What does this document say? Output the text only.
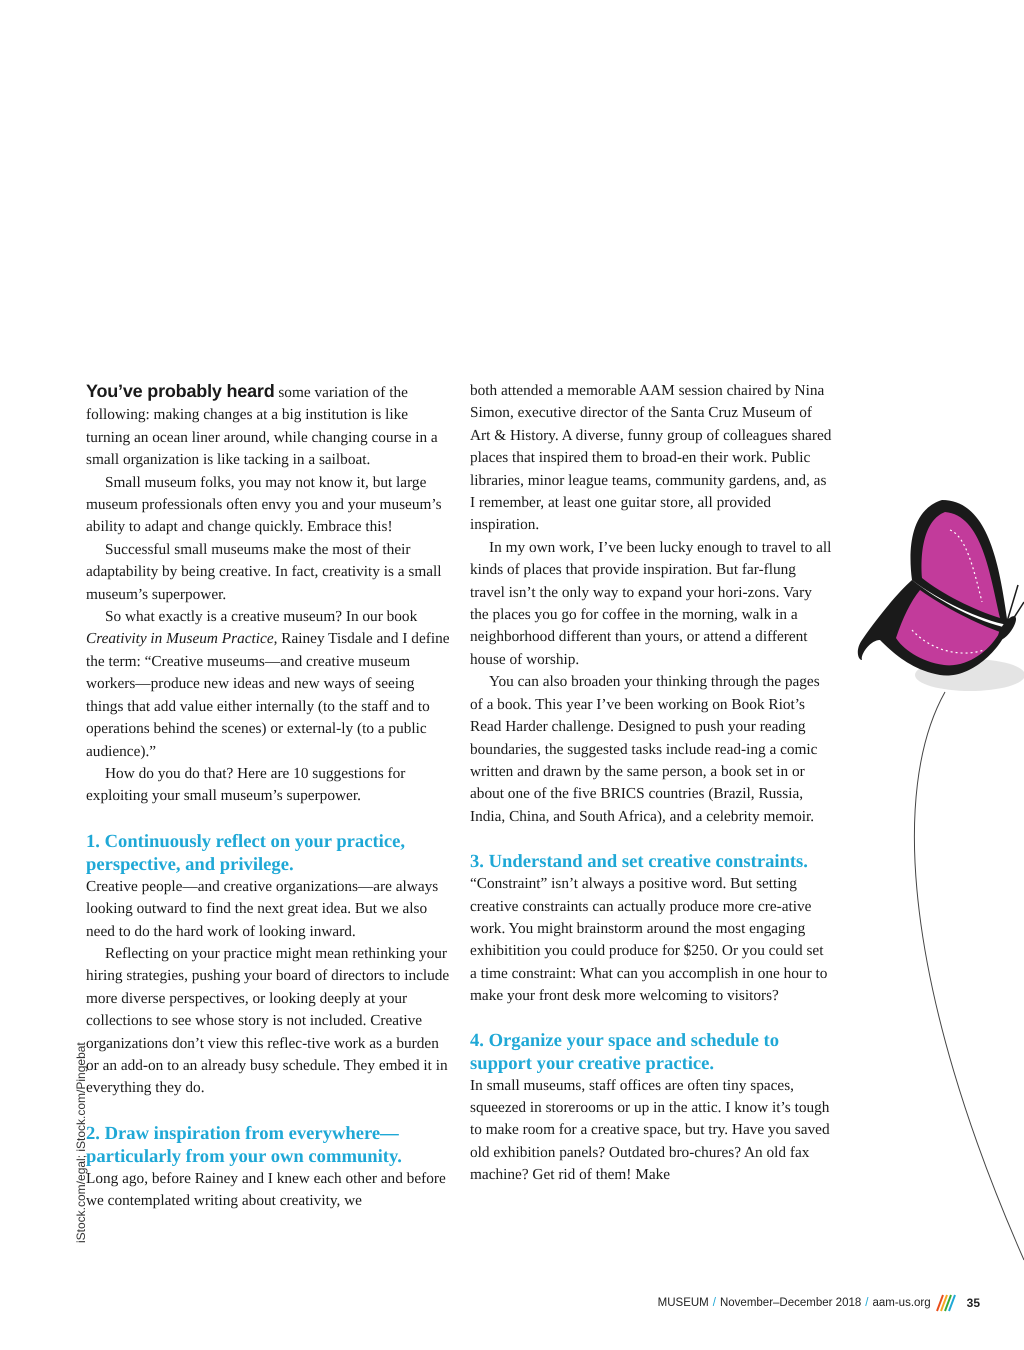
You’ve probably heard some variation of the following: making changes at a big institution is like turning an ocean liner around, while changing course in a small organization is like tacking in a sailboat.

Small museum folks, you may not know it, but large museum professionals often envy you and your museum’s ability to adapt and change quickly. Embrace this!

Successful small museums make the most of their adaptability by being creative. In fact, creativity is a small museum’s superpower.

So what exactly is a creative museum? In our book Creativity in Museum Practice, Rainey Tisdale and I define the term: “Creative museums—and creative museum workers—produce new ideas and new ways of seeing things that add value either internally (to the staff and to operations behind the scenes) or external-ly (to a public audience).”

How do you do that? Here are 10 suggestions for exploiting your small museum’s superpower.

1. Continuously reflect on your practice, perspective, and privilege.

Creative people—and creative organizations—are always looking outward to find the next great idea. But we also need to do the hard work of looking inward.

Reflecting on your practice might mean rethinking your hiring strategies, pushing your board of directors to include more diverse perspectives, or looking deeply at your collections to see whose story is not included. Creative organizations don’t view this reflec-tive work as a burden or an add-on to an already busy schedule. They embed it in everything they do.

2. Draw inspiration from everywhere— particularly from your own community.

Long ago, before Rainey and I knew each other and before we contemplated writing about creativity, we

both attended a memorable AAM session chaired by Nina Simon, executive director of the Santa Cruz Museum of Art & History. A diverse, funny group of colleagues shared places that inspired them to broad-en their work. Public libraries, minor league teams, community gardens, and, as I remember, at least one guitar store, all provided inspiration.

In my own work, I’ve been lucky enough to travel to all kinds of places that provide inspiration. But far-flung travel isn’t the only way to expand your hori-zons. Vary the places you go for coffee in the morning, walk in a neighborhood different than yours, or attend a different house of worship.

You can also broaden your thinking through the pages of a book. This year I’ve been working on Book Riot’s Read Harder challenge. Designed to push your reading boundaries, the suggested tasks include read-ing a comic written and drawn by the same person, a book set in or about one of the five BRICS countries (Brazil, Russia, India, China, and South Africa), and a celebrity memoir.

3. Understand and set creative constraints.

“Constraint” isn’t always a positive word. But setting creative constraints can actually produce more cre-ative work. You might brainstorm around the most engaging exhibitition you could produce for $250. Or you could set a time constraint: What can you accomplish in one hour to make your front desk more welcoming to visitors?

4. Organize your space and schedule to support your creative practice.

In small museums, staff offices are often tiny spaces, squeezed in storerooms or up in the attic. I know it’s tough to make room for a creative space, but try. Have you saved old exhibition panels? Outdated bro-chures? An old fax machine? Get rid of them! Make

iStock.com/egal; iStock.com/Pingebat
MUSEUM / November–December 2018 / aam-us.org	35
